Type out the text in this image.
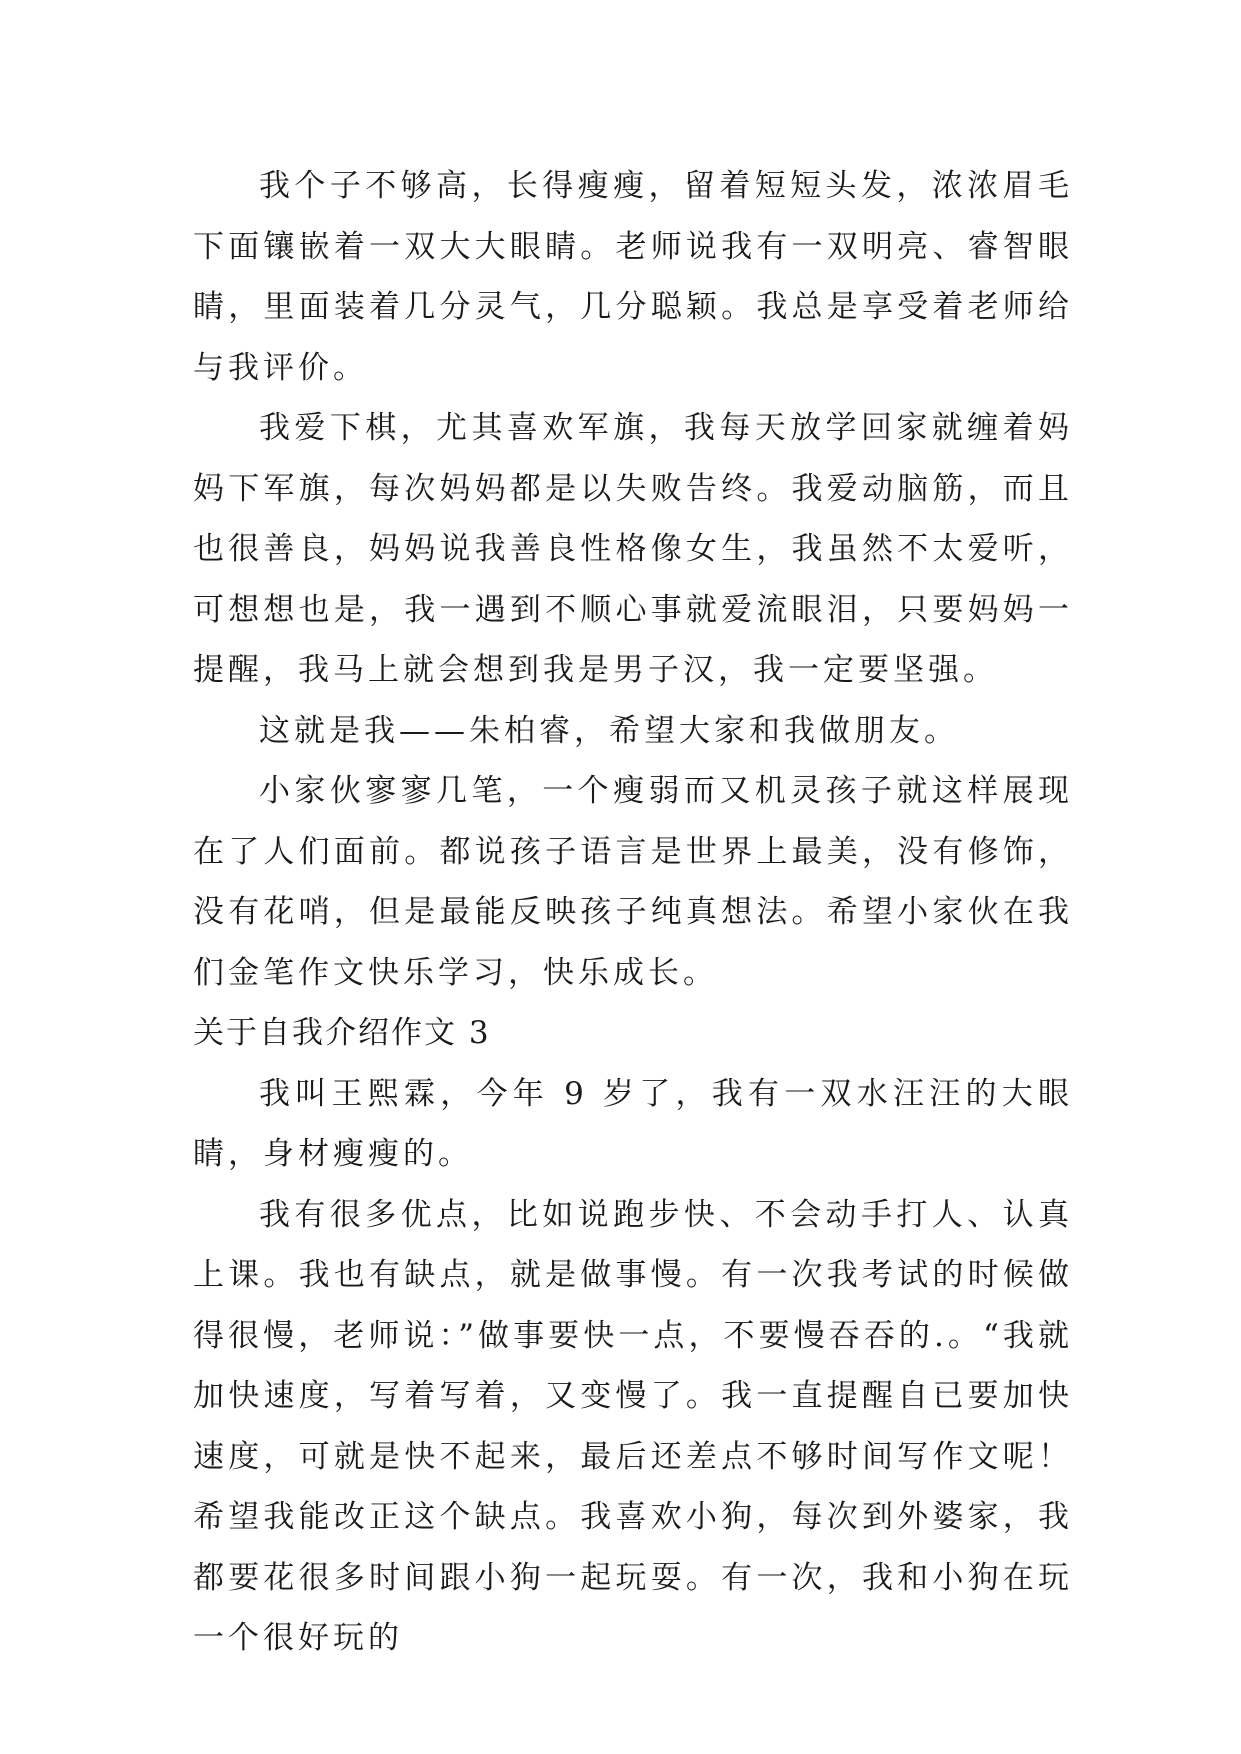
我个子不够高，长得瘦瘦，留着短短头发，浓浓眉毛下面镶嵌着一双大大眼睛。老师说我有一双明亮、睿智眼睛，里面装着几分灵气，几分聪颖。我总是享受着老师给与我评价。

我爱下棋，尤其喜欢军旗，我每天放学回家就缠着妈妈下军旗，每次妈妈都是以失败告终。我爱动脑筋，而且也很善良，妈妈说我善良性格像女生，我虽然不太爱听，可想想也是，我一遇到不顺心事就爱流眼泪，只要妈妈一提醒，我马上就会想到我是男子汉，我一定要坚强。

这就是我——朱柏睿，希望大家和我做朋友。

小家伙寥寥几笔，一个瘦弱而又机灵孩子就这样展现在了人们面前。都说孩子语言是世界上最美，没有修饰，没有花哨，但是最能反映孩子纯真想法。希望小家伙在我们金笔作文快乐学习，快乐成长。

关于自我介绍作文 3

我叫王熙霖，今年 9 岁了，我有一双水汪汪的大眼睛，身材瘦瘦的。

我有很多优点，比如说跑步快、不会动手打人、认真上课。我也有缺点，就是做事慢。有一次我考试的时候做得很慢，老师说：”做事要快一点，不要慢吞吞的.。“我就加快速度，写着写着，又变慢了。我一直提醒自已要加快速度，可就是快不起来，最后还差点不够时间写作文呢！希望我能改正这个缺点。我喜欢小狗，每次到外婆家，我都要花很多时间跟小狗一起玩耍。有一次，我和小狗在玩一个很好玩的
